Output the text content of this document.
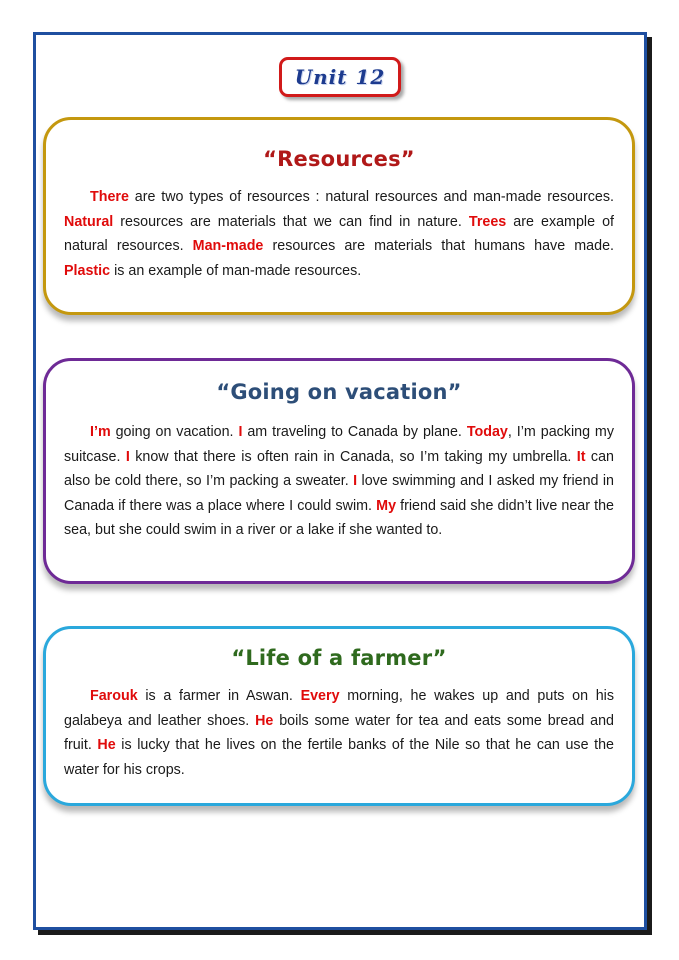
Unit 12
“Resources”

There are two types of resources : natural resources and man-made resources. Natural resources are materials that we can find in nature. Trees are example of natural resources. Man-made resources are materials that humans have made. Plastic is an example of man-made resources.

“Going on vacation”

I’m going on vacation. I am traveling to Canada by plane. Today, I’m packing my suitcase. I know that there is often rain in Canada, so I’m taking my umbrella. It can also be cold there, so I’m packing a sweater. I love swimming and I asked my friend in Canada if there was a place where I could swim. My friend said she didn’t live near the sea, but she could swim in a river or a lake if she wanted to.

“Life of a farmer”

Farouk is a farmer in Aswan. Every morning, he wakes up and puts on his galabeya and leather shoes. He boils some water for tea and eats some bread and fruit. He is lucky that he lives on the fertile banks of the Nile so that he can use the water for his crops.
